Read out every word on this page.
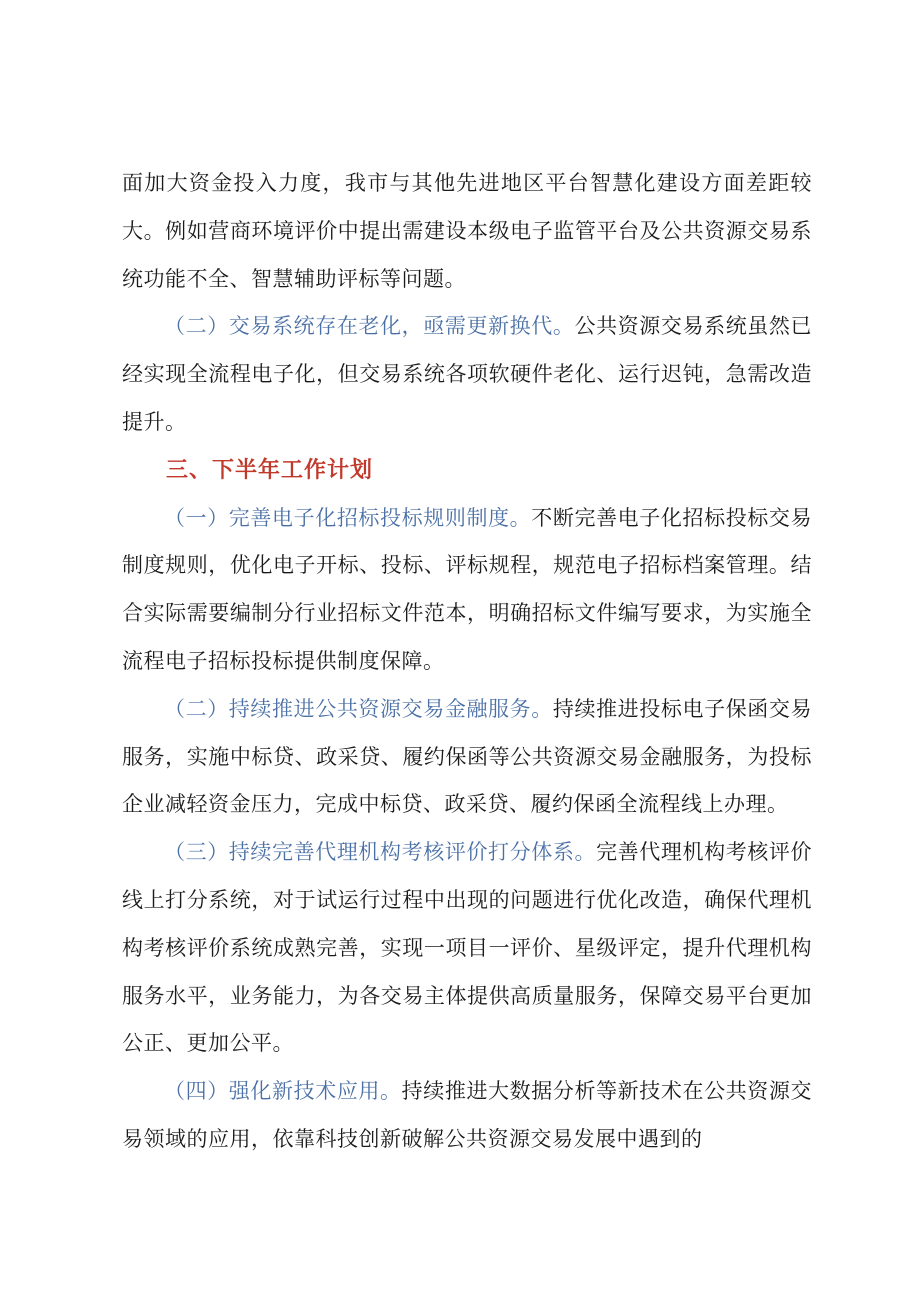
面加大资金投入力度，我市与其他先进地区平台智慧化建设方面差距较大。例如营商环境评价中提出需建设本级电子监管平台及公共资源交易系统功能不全、智慧辅助评标等问题。

（二）交易系统存在老化，亟需更新换代。公共资源交易系统虽然已经实现全流程电子化，但交易系统各项软硬件老化、运行迟钝，急需改造提升。

三、下半年工作计划

（一）完善电子化招标投标规则制度。不断完善电子化招标投标交易制度规则，优化电子开标、投标、评标规程，规范电子招标档案管理。结合实际需要编制分行业招标文件范本，明确招标文件编写要求，为实施全流程电子招标投标提供制度保障。

（二）持续推进公共资源交易金融服务。持续推进投标电子保函交易服务，实施中标贷、政采贷、履约保函等公共资源交易金融服务，为投标企业减轻资金压力，完成中标贷、政采贷、履约保函全流程线上办理。

（三）持续完善代理机构考核评价打分体系。完善代理机构考核评价线上打分系统，对于试运行过程中出现的问题进行优化改造，确保代理机构考核评价系统成熟完善，实现一项目一评价、星级评定，提升代理机构服务水平，业务能力，为各交易主体提供高质量服务，保障交易平台更加公正、更加公平。

（四）强化新技术应用。持续推进大数据分析等新技术在公共资源交易领域的应用，依靠科技创新破解公共资源交易发展中遇到的
